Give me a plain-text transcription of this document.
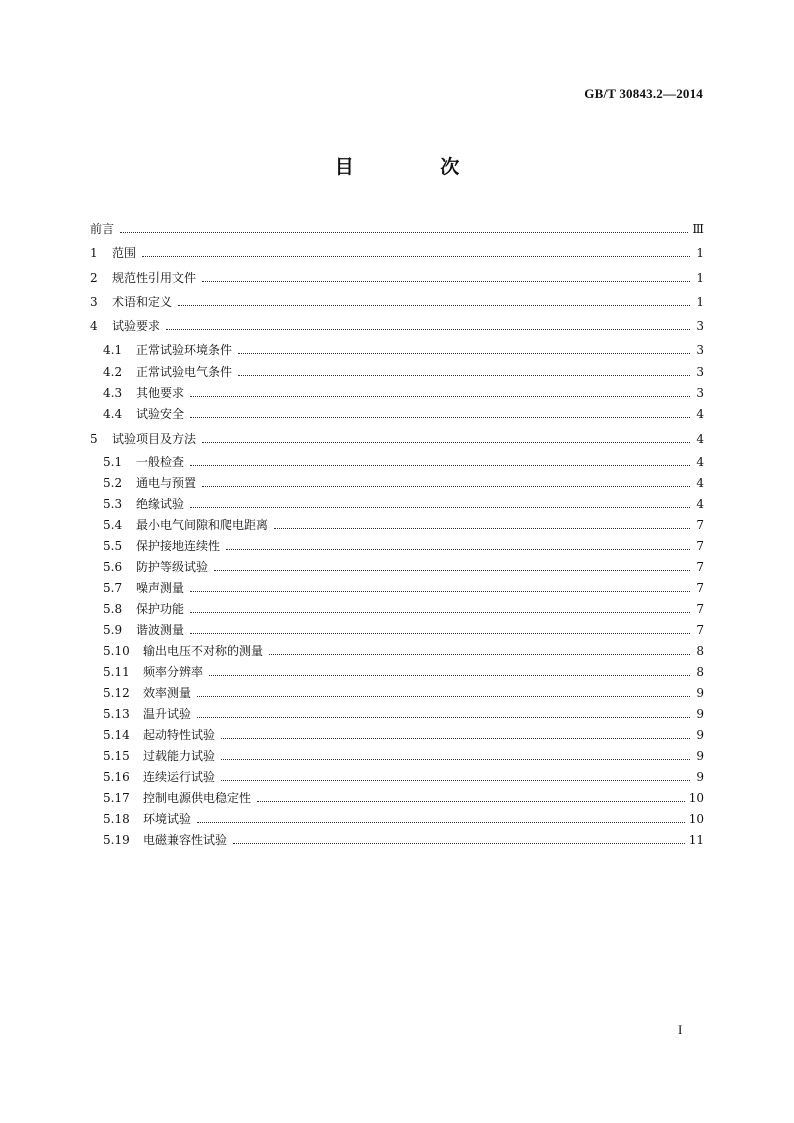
GB/T 30843.2—2014
目 次
前言	Ⅲ
1	范围	1
2	规范性引用文件	1
3	术语和定义	1
4	试验要求	3
4.1	正常试验环境条件	3
4.2	正常试验电气条件	3
4.3	其他要求	3
4.4	试验安全	4
5	试验项目及方法	4
5.1	一般检查	4
5.2	通电与预置	4
5.3	绝缘试验	4
5.4	最小电气间隙和爬电距离	7
5.5	保护接地连续性	7
5.6	防护等级试验	7
5.7	噪声测量	7
5.8	保护功能	7
5.9	谐波测量	7
5.10	输出电压不对称的测量	8
5.11	频率分辨率	8
5.12	效率测量	9
5.13	温升试验	9
5.14	起动特性试验	9
5.15	过载能力试验	9
5.16	连续运行试验	9
5.17	控制电源供电稳定性	10
5.18	环境试验	10
5.19	电磁兼容性试验	11
I
